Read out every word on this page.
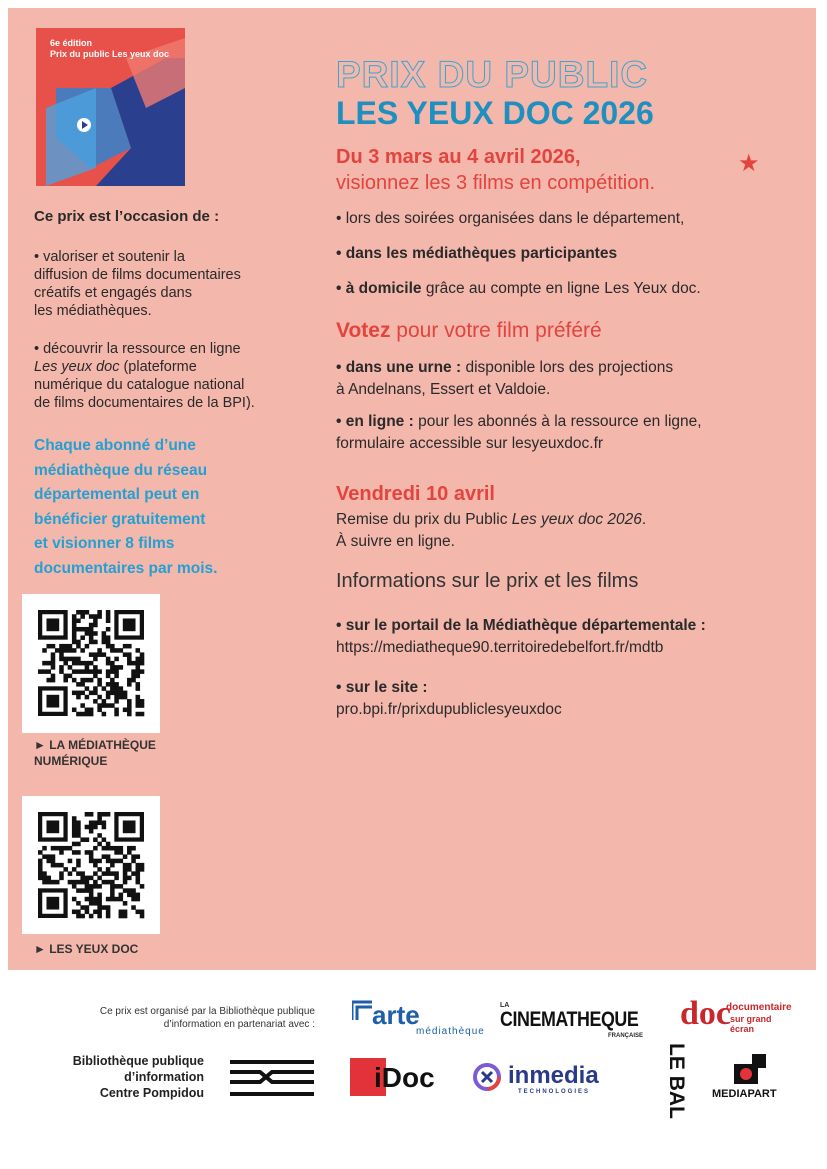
6e édition
Prix du public Les yeux doc	PRIX DU PUBLIC
LES YEUX DOC 2026
Du 3 mars au 4 avril 2026,
visionnez les 3 films en compétition.
★
Ce prix est l’occasion de :
• valoriser et soutenir la
diffusion de films documentaires
créatifs et engagés dans
les médiathèques.
• découvrir la ressource en ligne
Les yeux doc (plateforme
numérique du catalogue national
de films documentaires de la BPI).
Chaque abonné d’une
médiathèque du réseau
départemental peut en
bénéficier gratuitement
et visionner 8 films
documentaires par mois.
► LA MÉDIATHÈQUE
NUMÉRIQUE
► LES YEUX DOC
• lors des soirées organisées dans le département,
• dans les médiathèques participantes
• à domicile grâce au compte en ligne Les Yeux doc.
Votez pour votre film préféré
• dans une urne : disponible lors des projections
à Andelnans, Essert et Valdoie.
• en ligne : pour les abonnés à la ressource en ligne,
formulaire accessible sur lesyeuxdoc.fr
Vendredi 10 avril
Remise du prix du Public Les yeux doc 2026.
À suivre en ligne.
Informations sur le prix et les films
• sur le portail de la Médiathèque départementale :
https://mediatheque90.territoiredebelfort.fr/mdtb
• sur le site :
pro.bpi.fr/prixdupubliclesyeuxdoc
Ce prix est organisé par la Bibliothèque publique
d’information en partenariat avec :
Bibliothèque publique
d’information
Centre Pompidou
arte
médiathèque
LA
CINEMATHEQUE
FRANÇAISE
doc
documentaire
sur grand écran
iDoc	inmedia
TECHNOLOGIES	LE BAL MEDIAPART
